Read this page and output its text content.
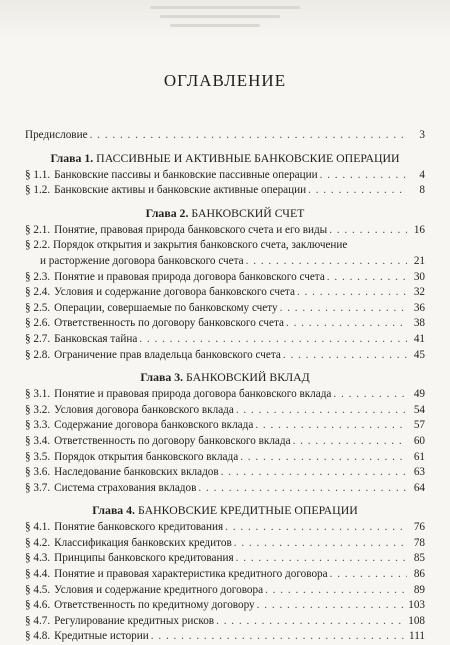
ОГЛАВЛЕНИЕ
Предисловие . . .	3
Глава 1. ПАССИВНЫЕ И АКТИВНЫЕ БАНКОВСКИЕ ОПЕРАЦИИ
§ 1.1. Банковские пассивы и банковские пассивные операции . . .	4
§ 1.2. Банковские активы и банковские активные операции . . .	8
Глава 2. БАНКОВСКИЙ СЧЕТ
§ 2.1. Понятие, правовая природа банковского счета и его виды . . .	16
§ 2.2. Порядок открытия и закрытия банковского счета, заключение
и расторжение договора банковского счета . . .	21
§ 2.3. Понятие и правовая природа договора банковского счета . . .	30
§ 2.4. Условия и содержание договора банковского счета . . .	32
§ 2.5. Операции, совершаемые по банковскому счету . . .	36
§ 2.6. Ответственность по договору банковского счета . . .	38
§ 2.7. Банковская тайна . . .	41
§ 2.8. Ограничение прав владельца банковского счета . . .	45
Глава 3. БАНКОВСКИЙ ВКЛАД
§ 3.1. Понятие и правовая природа договора банковского вклада . . .	49
§ 3.2. Условия договора банковского вклада . . .	54
§ 3.3. Содержание договора банковского вклада . . .	57
§ 3.4. Ответственность по договору банковского вклада . . .	60
§ 3.5. Порядок открытия банковского вклада . . .	61
§ 3.6. Наследование банковских вкладов . . .	63
§ 3.7. Система страхования вкладов . . .	64
Глава 4. БАНКОВСКИЕ КРЕДИТНЫЕ ОПЕРАЦИИ
§ 4.1. Понятие банковского кредитования . . .	76
§ 4.2. Классификация банковских кредитов . . .	78
§ 4.3. Принципы банковского кредитования . . .	85
§ 4.4. Понятие и правовая характеристика кредитного договора . . .	86
§ 4.5. Условия и содержание кредитного договора . . .	89
§ 4.6. Ответственность по кредитному договору . . .	103
§ 4.7. Регулирование кредитных рисков . . .	108
§ 4.8. Кредитные истории . . .	111
